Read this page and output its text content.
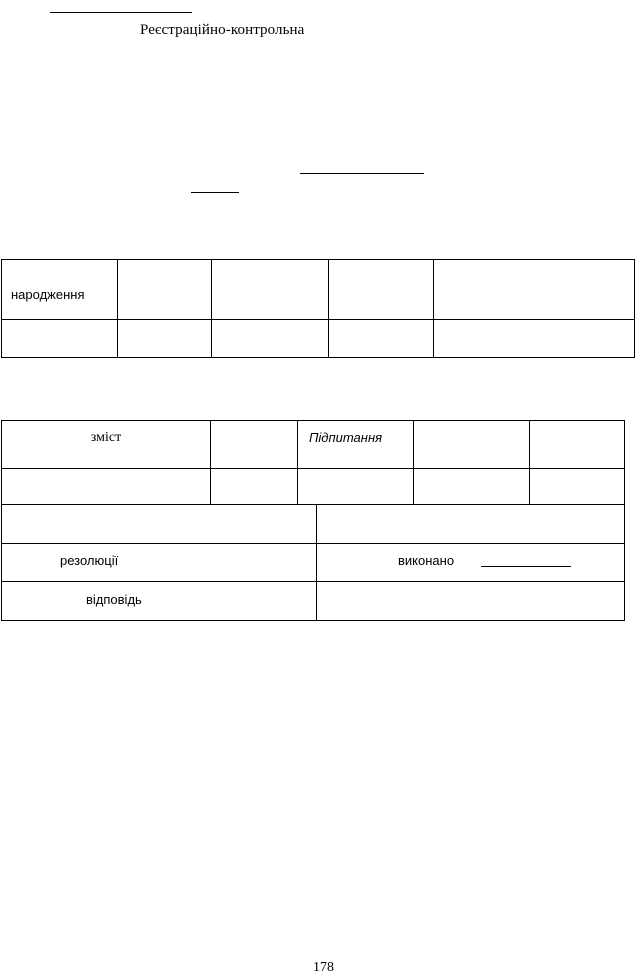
Реєстраційно-контрольна
народження				

зміст		Підпитання		

резолюції	виконано

відповідь	

178
